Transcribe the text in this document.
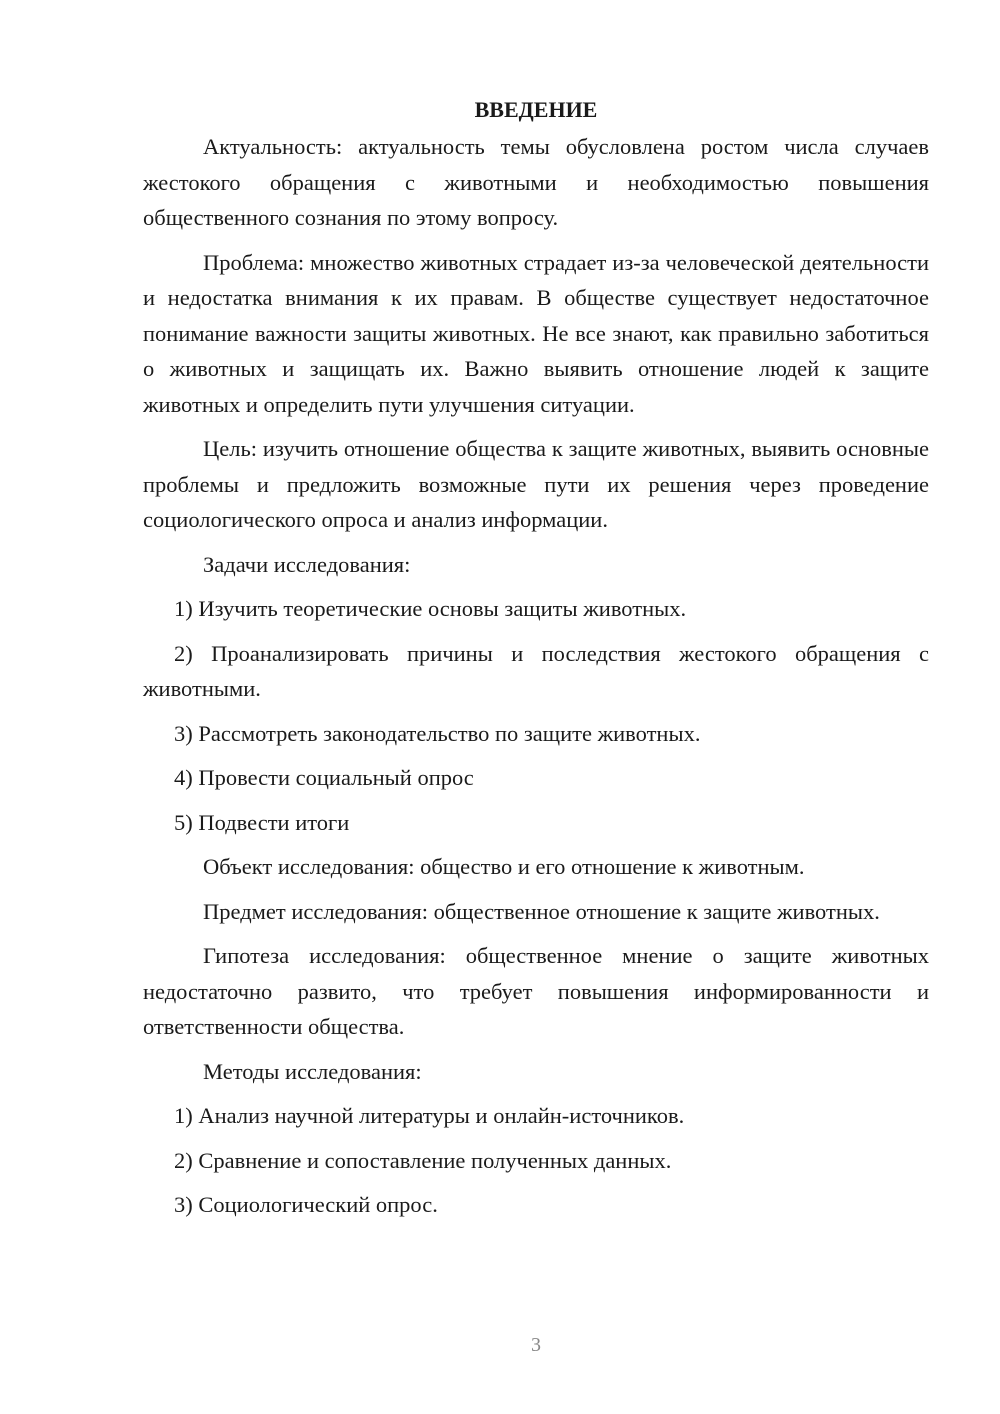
ВВЕДЕНИЕ

Актуальность: актуальность темы обусловлена ростом числа случаев жестокого обращения с животными и необходимостью повышения общественного сознания по этому вопросу.

Проблема: множество животных страдает из-за человеческой деятельности и недостатка внимания к их правам. В обществе существует недостаточное понимание важности защиты животных. Не все знают, как правильно заботиться о животных и защищать их. Важно выявить отношение людей к защите животных и определить пути улучшения ситуации.

Цель: изучить отношение общества к защите животных, выявить основные проблемы и предложить возможные пути их решения через проведение социологического опроса и анализ информации.

Задачи исследования:

1) Изучить теоретические основы защиты животных.

2) Проанализировать причины и последствия жестокого обращения с животными.

3) Рассмотреть законодательство по защите животных.

4) Провести социальный опрос

5) Подвести итоги

Объект исследования: общество и его отношение к животным.

Предмет исследования: общественное отношение к защите животных.

Гипотеза исследования: общественное мнение о защите животных недостаточно развито, что требует повышения информированности и ответственности общества.

Методы исследования:

1) Анализ научной литературы и онлайн-источников.

2) Сравнение и сопоставление полученных данных.

3) Социологический опрос.

3
